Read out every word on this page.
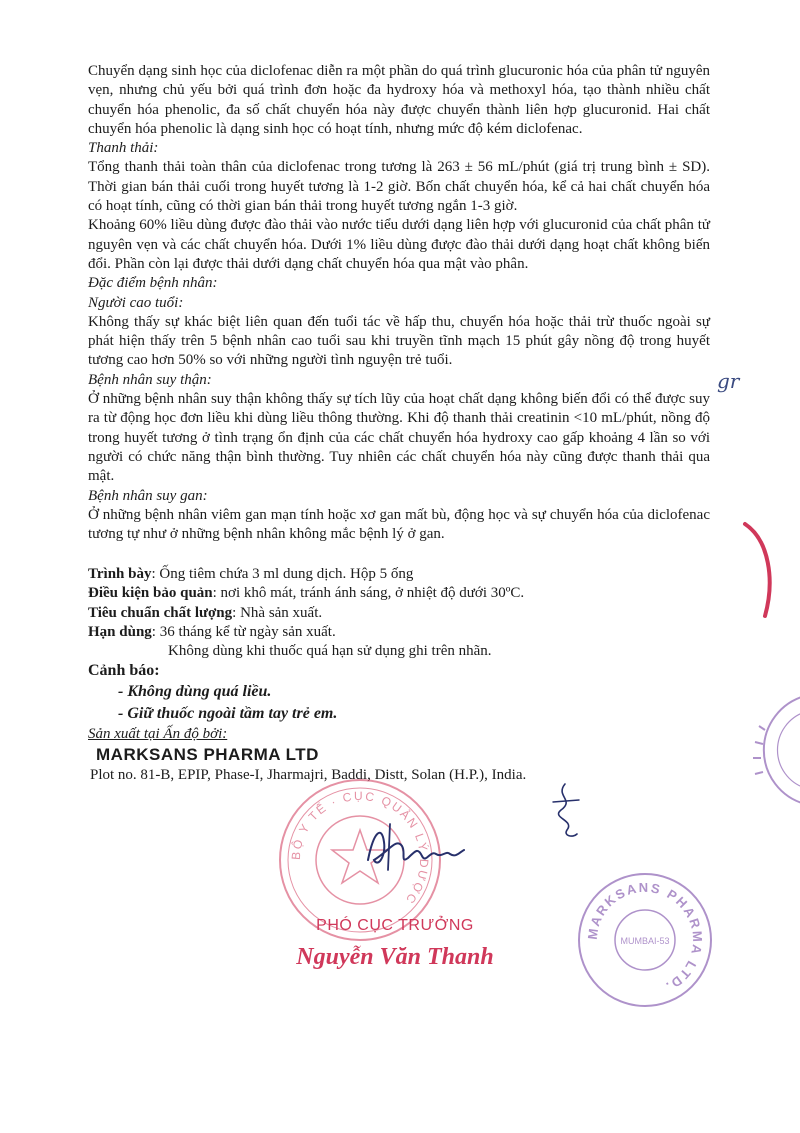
Chuyển dạng sinh học của diclofenac diễn ra một phần do quá trình glucuronic hóa của phân tử nguyên vẹn, nhưng chủ yếu bởi quá trình đơn hoặc đa hydroxy hóa và methoxyl hóa, tạo thành nhiều chất chuyển hóa phenolic, đa số chất chuyển hóa này được chuyển thành liên hợp glucuronid. Hai chất chuyển hóa phenolic là dạng sinh học có hoạt tính, nhưng mức độ kém diclofenac.

Thanh thải:

Tổng thanh thải toàn thân của diclofenac trong tương là 263 ± 56 mL/phút (giá trị trung bình ± SD). Thời gian bán thải cuối trong huyết tương là 1-2 giờ. Bốn chất chuyển hóa, kể cả hai chất chuyển hóa có hoạt tính, cũng có thời gian bán thải trong huyết tương ngắn 1-3 giờ.

Khoảng 60% liều dùng được đào thải vào nước tiểu dưới dạng liên hợp với glucuronid của chất phân tử nguyên vẹn và các chất chuyển hóa. Dưới 1% liều dùng được đào thải dưới dạng hoạt chất không biến đổi. Phần còn lại được thải dưới dạng chất chuyển hóa qua mật vào phân.

Đặc điểm bệnh nhân:

Người cao tuổi:

Không thấy sự khác biệt liên quan đến tuổi tác về hấp thu, chuyển hóa hoặc thải trừ thuốc ngoài sự phát hiện thấy trên 5 bệnh nhân cao tuổi sau khi truyền tĩnh mạch 15 phút gây nồng độ trong huyết tương cao hơn 50% so với những người tình nguyện trẻ tuổi.

Bệnh nhân suy thận:

Ở những bệnh nhân suy thận không thấy sự tích lũy của hoạt chất dạng không biến đổi có thể được suy ra từ động học đơn liều khi dùng liều thông thường. Khi độ thanh thải creatinin <10 mL/phút, nồng độ trong huyết tương ở tình trạng ổn định của các chất chuyển hóa hydroxy cao gấp khoảng 4 lần so với người có chức năng thận bình thường. Tuy nhiên các chất chuyển hóa này cũng được thanh thải qua mật.

Bệnh nhân suy gan:

Ở những bệnh nhân viêm gan mạn tính hoặc xơ gan mất bù, động học và sự chuyển hóa của diclofenac tương tự như ở những bệnh nhân không mắc bệnh lý ở gan.

Trình bày: Ống tiêm chứa 3 ml dung dịch. Hộp 5 ống

Điều kiện bảo quản: nơi khô mát, tránh ánh sáng, ở nhiệt độ dưới 30ºC.

Tiêu chuẩn chất lượng: Nhà sản xuất.

Hạn dùng: 36 tháng kể từ ngày sản xuất.

Không dùng khi thuốc quá hạn sử dụng ghi trên nhãn.

Cảnh báo:

- Không dùng quá liều.

- Giữ thuốc ngoài tầm tay trẻ em.

Sản xuất tại Ấn độ bởi:

MARKSANS PHARMA LTD

Plot no. 81-B, EPIP, Phase-I, Jharmajri, Baddi, Distt, Solan (H.P.), India.

BỘ Y TẾ · CỤC QUẢN LÝ DƯỢC
MARKSANS PHARMA LTD.
MUMBAI-53
gr
PHÓ CỤC TRƯỞNG
Nguyễn Văn Thanh
